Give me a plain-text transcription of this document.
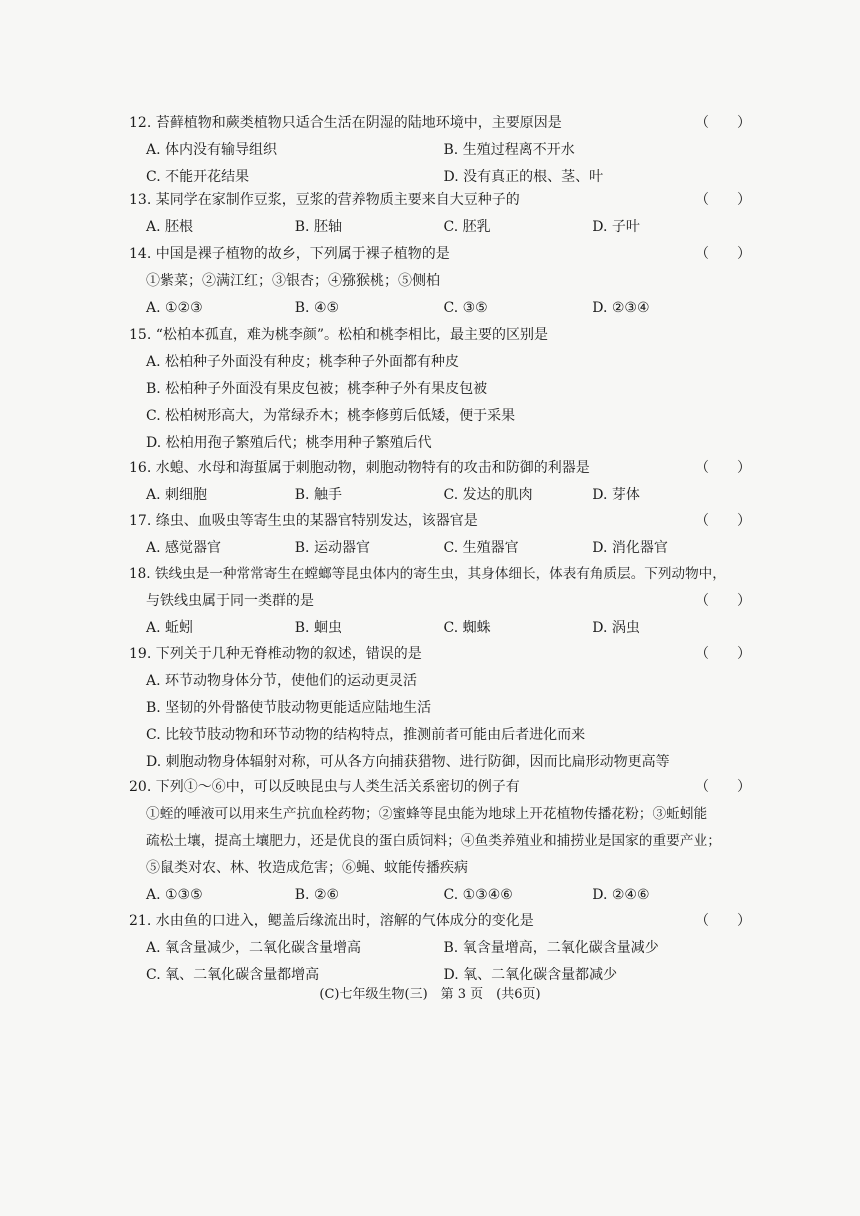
12. 苔藓植物和蕨类植物只适合生活在阴湿的陆地环境中，主要原因是	（　　）
A. 体内没有输导组织	B. 生殖过程离不开水
C. 不能开花结果	D. 没有真正的根、茎、叶
13. 某同学在家制作豆浆，豆浆的营养物质主要来自大豆种子的	（　　）
A. 胚根	B. 胚轴	C. 胚乳	D. 子叶
14. 中国是裸子植物的故乡，下列属于裸子植物的是	（　　）
①紫菜；②满江红；③银杏；④猕猴桃；⑤侧柏
A. ①②③	B. ④⑤	C. ③⑤	D. ②③④
15. “松柏本孤直，难为桃李颜”。松柏和桃李相比，最主要的区别是
A. 松柏种子外面没有种皮；桃李种子外面都有种皮
B. 松柏种子外面没有果皮包被；桃李种子外有果皮包被
C. 松柏树形高大，为常绿乔木；桃李修剪后低矮，便于采果
D. 松柏用孢子繁殖后代；桃李用种子繁殖后代
16. 水螅、水母和海蜇属于刺胞动物，刺胞动物特有的攻击和防御的利器是	（　　）
A. 刺细胞	B. 触手	C. 发达的肌肉	D. 芽体
17. 绦虫、血吸虫等寄生虫的某器官特别发达，该器官是	（　　）
A. 感觉器官	B. 运动器官	C. 生殖器官	D. 消化器官
18. 铁线虫是一种常常寄生在螳螂等昆虫体内的寄生虫，其身体细长，体表有角质层。下列动物中，
与铁线虫属于同一类群的是	（　　）
A. 蚯蚓	B. 蛔虫	C. 蜘蛛	D. 涡虫
19. 下列关于几种无脊椎动物的叙述，错误的是	（　　）
A. 环节动物身体分节，使他们的运动更灵活
B. 坚韧的外骨骼使节肢动物更能适应陆地生活
C. 比较节肢动物和环节动物的结构特点，推测前者可能由后者进化而来
D. 刺胞动物身体辐射对称，可从各方向捕获猎物、进行防御，因而比扁形动物更高等
20. 下列①～⑥中，可以反映昆虫与人类生活关系密切的例子有	（　　）
①蛭的唾液可以用来生产抗血栓药物；②蜜蜂等昆虫能为地球上开花植物传播花粉；③蚯蚓能
疏松土壤，提高土壤肥力，还是优良的蛋白质饲料；④鱼类养殖业和捕捞业是国家的重要产业；
⑤鼠类对农、林、牧造成危害；⑥蝇、蚊能传播疾病
A. ①③⑤	B. ②⑥	C. ①③④⑥	D. ②④⑥
21. 水由鱼的口进入，鳃盖后缘流出时，溶解的气体成分的变化是	（　　）
A. 氧含量减少，二氧化碳含量增高	B. 氧含量增高，二氧化碳含量减少
C. 氧、二氧化碳含量都增高	D. 氧、二氧化碳含量都减少
(C)七年级生物(三)　第 3 页　(共6页)
